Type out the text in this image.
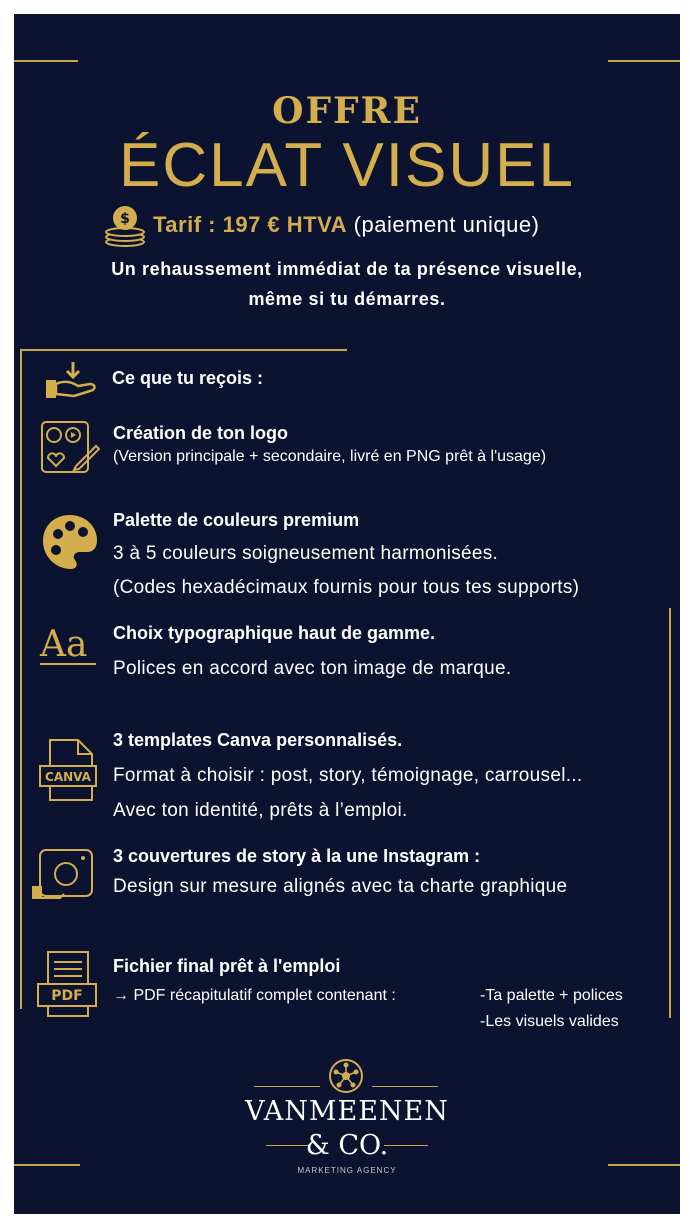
OFFRE
ÉCLAT VISUEL
$ Tarif : 197 € HTVA (paiement unique)
Un rehaussement immédiat de ta présence visuelle,
même si tu démarres.
Ce que tu reçois :
Création de ton logo
(Version principale + secondaire, livré en PNG prêt à l'usage)
Palette de couleurs premium
3 à 5 couleurs soigneusement harmonisées.
(Codes hexadécimaux fournis pour tous tes supports)
Aa Choix typographique haut de gamme.
Polices en accord avec ton image de marque.
CANVA
3 templates Canva personnalisés.
Format à choisir : post, story, témoignage, carrousel...
Avec ton identité, prêts à l’emploi.
3 couvertures de story à la une Instagram :
Design sur mesure alignés avec ta charte graphique
PDF
Fichier final prêt à l'emploi
→ PDF récapitulatif complet contenant :	-Ta palette + polices
-Les visuels valides
VANMEENEN
& CO.
MARKETING AGENCY
